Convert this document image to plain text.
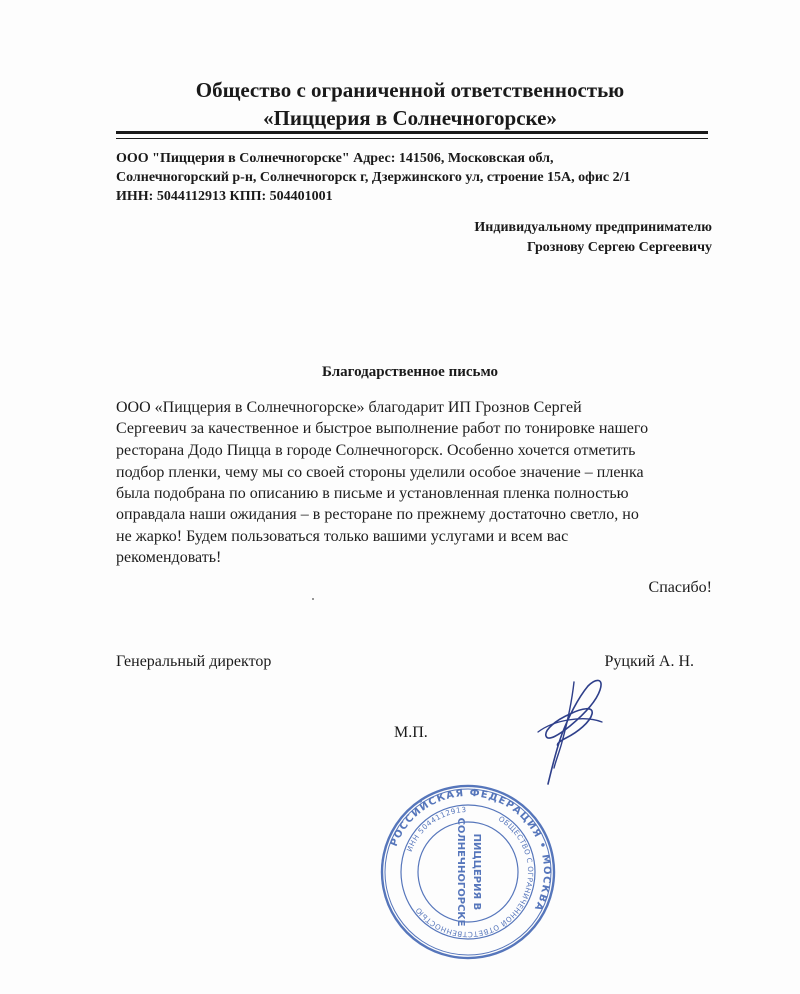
Общество с ограниченной ответственностью
«Пиццерия в Солнечногорске»
ООО "Пиццерия в Солнечногорске" Адрес: 141506, Московская обл,
Солнечногорский р-н, Солнечногорск г, Дзержинского ул, строение 15А, офис 2/1
ИНН: 5044112913 КПП: 504401001
Индивидуальному предпринимателю
Грознову Сергею Сергеевичу
Благодарственное письмо
ООО «Пиццерия в Солнечногорске» благодарит ИП Грознов Сергей
Сергеевич за качественное и быстрое выполнение работ по тонировке нашего
ресторана Додо Пицца в городе Солнечногорск. Особенно хочется отметить
подбор пленки, чему мы со своей стороны уделили особое значение – пленка
была подобрана по описанию в письме и установленная пленка полностью
оправдала наши ожидания – в ресторане по прежнему достаточно светло, но
не жарко! Будем пользоваться только вашими услугами и всем вас
рекомендовать!
Спасибо!
Генеральный директор	Руцкий А. Н.
М.П.
РОССИЙСКАЯ ФЕДЕРАЦИЯ • МОСКВА
ОБЩЕСТВО С ОГРАНИЧЕННОЙ ОТВЕТСТВЕННОСТЬЮ
ИНН 5044112913
ПИЦЦЕРИЯ В
СОЛНЕЧНОГОРСКЕ
